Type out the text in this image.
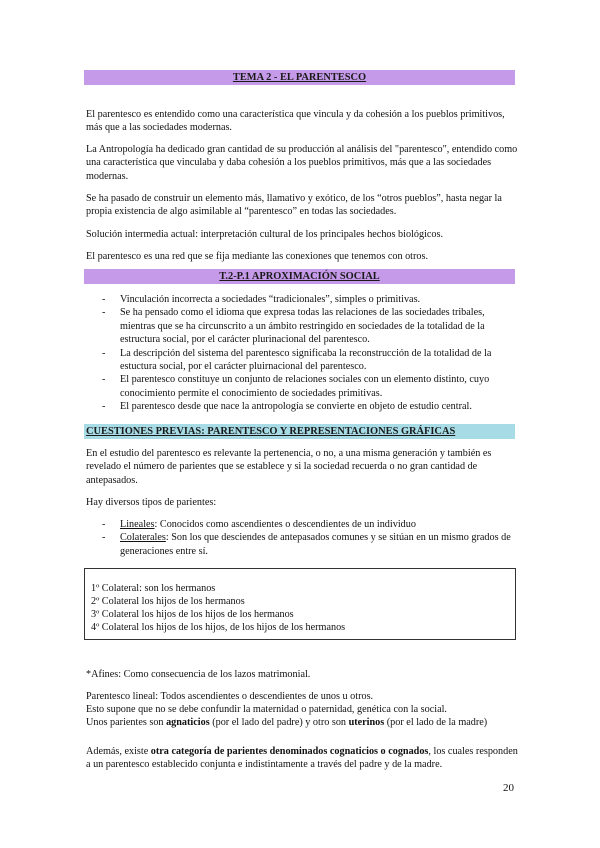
TEMA 2 - EL PARENTESCO

El parentesco es entendido como una característica que vincula y da cohesión a los pueblos primitivos, más que a las sociedades modernas.

La Antropología ha dedicado gran cantidad de su producción al análisis del "parentesco", entendido como una característica que vinculaba y daba cohesión a los pueblos primitivos, más que a las sociedades modernas.

Se ha pasado de construir un elemento más, llamativo y exótico, de los “otros pueblos”, hasta negar la propia existencia de algo asimilable al “parentesco” en todas las sociedades.

Solución intermedia actual: interpretación cultural de los principales hechos biológicos.

El parentesco es una red que se fija mediante las conexiones que tenemos con otros.

T.2-P.1 APROXIMACIÓN SOCIAL
- Vinculación incorrecta a sociedades “tradicionales”, simples o primitivas.
- Se ha pensado como el idioma que expresa todas las relaciones de las sociedades tribales, mientras que se ha circunscrito a un ámbito restringido en sociedades de la totalidad de la estructura social, por el carácter plurinacional del parentesco.
- La descripción del sistema del parentesco significaba la reconstrucción de la totalidad de la estuctura social, por el carácter pluirnacional del parentesco.
- El parentesco constituye un conjunto de relaciones sociales con un elemento distinto, cuyo conocimiento permite el conocimiento de sociedades primitivas.
- El parentesco desde que nace la antropología se convierte en objeto de estudio central.
CUESTIONES PREVIAS: PARENTESCO Y REPRESENTACIONES GRÁFICAS

En el estudio del parentesco es relevante la pertenencia, o no, a una misma generación y también es revelado el número de parientes que se establece y si la sociedad recuerda o no gran cantidad de antepasados.

Hay diversos tipos de parientes:

- Lineales: Conocidos como ascendientes o descendientes de un individuo
- Colaterales: Son los que desciendes de antepasados comunes y se sitúan en un mismo grados de generaciones entre sí.
1º Colateral: son los hermanos
2º Colateral los hijos de los hermanos
3º Colateral los hijos de los hijos de los hermanos
4º Colateral los hijos de los hijos, de los hijos de los hermanos

*Afines: Como consecuencia de los lazos matrimonial.

Parentesco lineal: Todos ascendientes o descendientes de unos u otros.

Esto supone que no se debe confundir la maternidad o paternidad, genética con la social.

Unos parientes son agnaticios (por el lado del padre) y otro son uterinos (por el lado de la madre)

Además, existe otra categoría de parientes denominados cognaticios o cognados, los cuales responden a un parentesco establecido conjunta e indistintamente a través del padre y de la madre.

20
